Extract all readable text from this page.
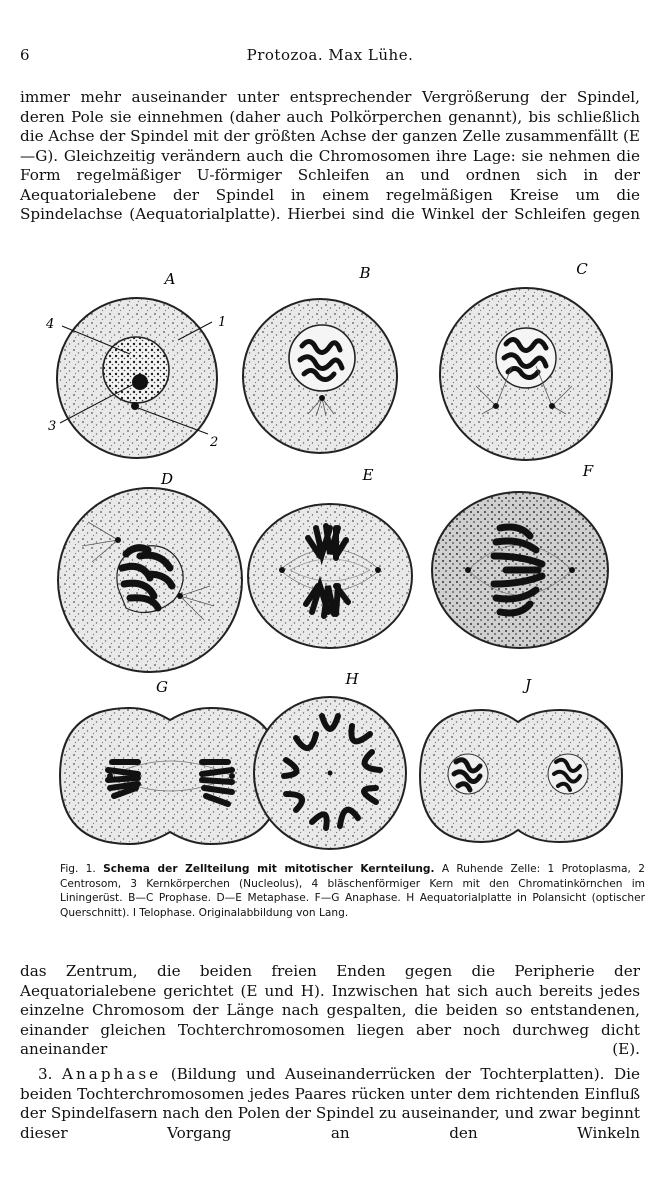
6	Protozoa. Max Lühe.

immer mehr auseinander unter entsprechender Vergrößerung der Spindel, deren Pole sie einnehmen (daher auch Polkörperchen genannt), bis schließlich die Achse der Spindel mit der größten Achse der ganzen Zelle zusammenfällt (E—G). Gleichzeitig verändern auch die Chromosomen ihre Lage: sie nehmen die Form regelmäßiger U-förmiger Schleifen an und ordnen sich in der Aequatorialebene der Spindel in einem regelmäßigen Kreise um die Spindelachse (Aequatorialplatte). Hierbei sind die Winkel der Schleifen gegen

A	B	C
D	E	F
G	H	J
1
2
3
4

Fig. 1. Schema der Zellteilung mit mitotischer Kernteilung. A Ruhende Zelle: 1 Protoplasma, 2 Centrosom, 3 Kernkörperchen (Nucleolus), 4 bläschenförmiger Kern mit den Chromatinkörnchen im Liningerüst. B—C Prophase. D—E Metaphase. F—G Anaphase. H Aequatorialplatte in Polansicht (optischer Querschnitt). I Telophase. Originalabbildung von Lang.

das Zentrum, die beiden freien Enden gegen die Peripherie der Aequatorialebene gerichtet (E und H). Inzwischen hat sich auch bereits jedes einzelne Chromosom der Länge nach gespalten, die beiden so entstandenen, einander gleichen Tochterchromosomen liegen aber noch durchweg dicht aneinander (E).

3. Anaphase (Bildung und Auseinanderrücken der Tochterplatten). Die beiden Tochterchromosomen jedes Paares rücken unter dem richtenden Einfluß der Spindelfasern nach den Polen der Spindel zu auseinander, und zwar beginnt dieser Vorgang an den Winkeln
